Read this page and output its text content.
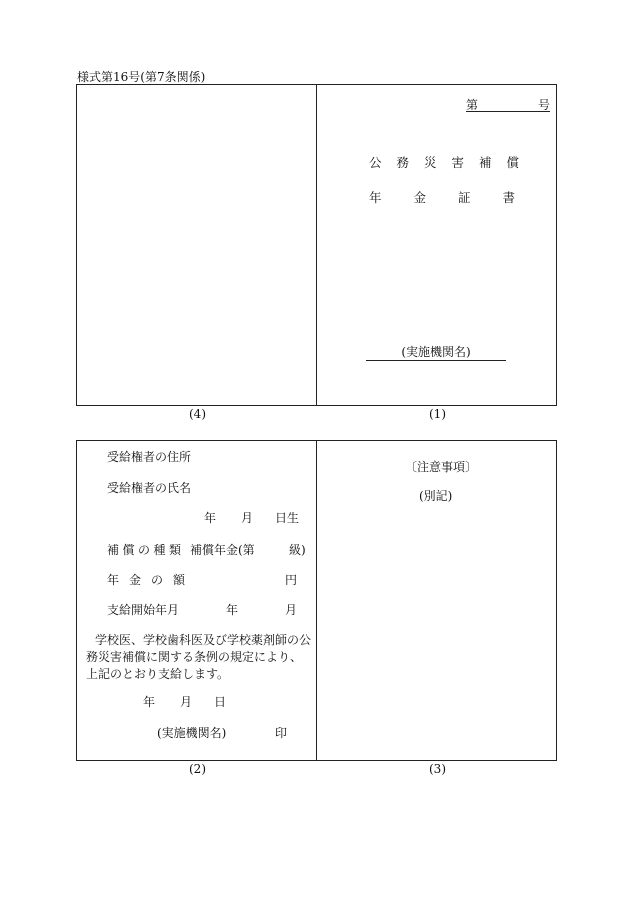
様式第16号(第7条関係)
第	号
公務災害補償
年金証書
(実施機関名)
(4)	(1)
受給権者の住所
受給権者の氏名
年 月 日生
補償の種類 補償年金(第	級)
年金の額	円
支給開始年月	年	月
学校医、学校歯科医及び学校薬剤師の公務災害補償に関する条例の規定により、上記のとおり支給します。
年 月 日
(実施機関名)	印
〔注意事項〕
(別記)
(2)	(3)
